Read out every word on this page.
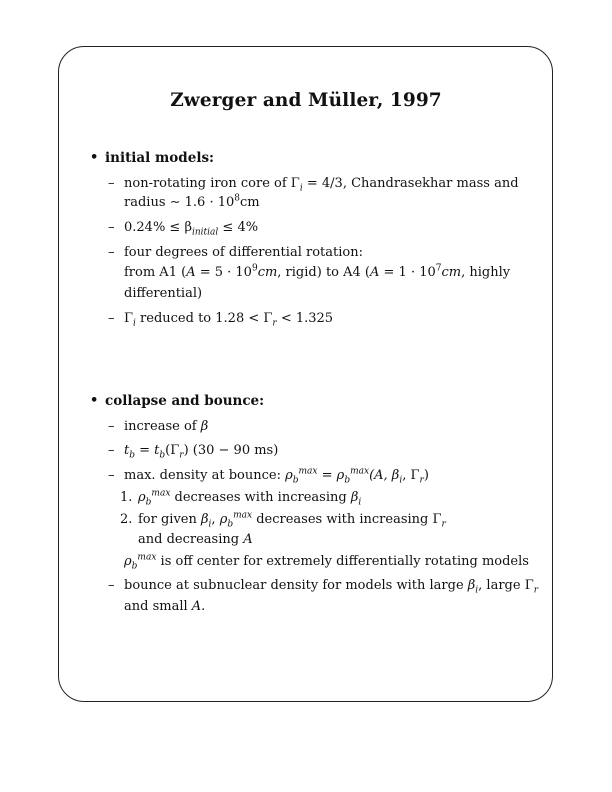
Zwerger and Müller, 1997
• initial models:
– non-rotating iron core of $\Gamma_i = 4/3$, Chandrasekhar mass and
radius ∼ $1.6 \cdot 10^8cm$
– $0.24\% \le \beta_{initial} \le 4\%$
– four degrees of differential rotation:
from A1 ($A = 5 \cdot 10^9cm$, rigid) to A4 ($A = 1 \cdot 10^7cm$, highly
differential)
– $\Gamma_i$ reduced to $1.28 < \Gamma_r < 1.325$
• collapse and bounce:
– increase of β
– $t_b = t_b(\Gamma_r) (30 - 90$ ms)
– max. density at bounce: $\rho_b^{max} = \rho_b^{max}(A$, $\beta_i$, $\Gamma_r$)
1. $\rho_b^{max}$ decreases with increasing $\beta_i$
2. for given $\beta_i$, $\rho_b^{max}$ decreases with increasing $\Gamma_r$
and decreasing A
$\rho_b^{max}$ is off center for extremely differentially rotating models
– bounce at subnuclear density for models with large $\beta_i$, large $\Gamma_r$
and small A.
